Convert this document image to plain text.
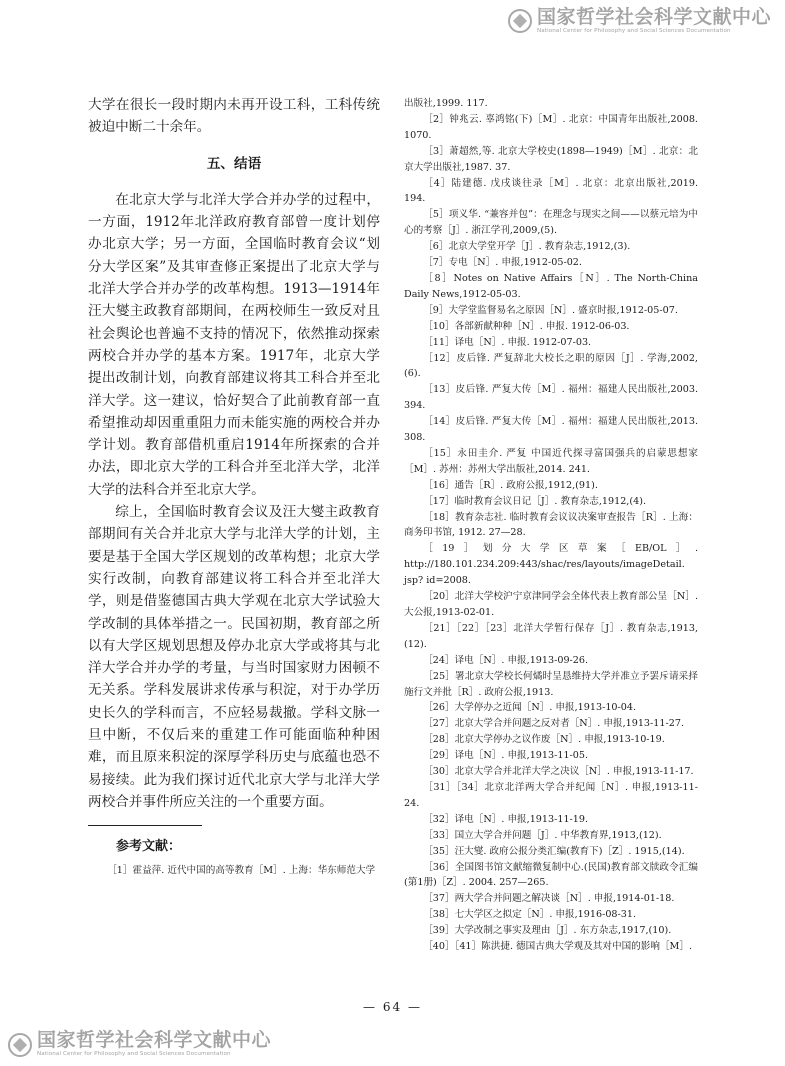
国家哲学社会科学文献中心
National Center for Philosophy and Social Sciences Documentation

大学在很长一段时期内未再开设工科，工科传统被迫中断二十余年。

五、结语

在北京大学与北洋大学合并办学的过程中，一方面，1912年北洋政府教育部曾一度计划停办北京大学；另一方面，全国临时教育会议“划分大学区案”及其审查修正案提出了北京大学与北洋大学合并办学的改革构想。1913—1914年汪大燮主政教育部期间，在两校师生一致反对且社会舆论也普遍不支持的情况下，依然推动探索两校合并办学的基本方案。1917年，北京大学提出改制计划，向教育部建议将其工科合并至北洋大学。这一建议，恰好契合了此前教育部一直希望推动却因重重阻力而未能实施的两校合并办学计划。教育部借机重启1914年所探索的合并办法，即北京大学的工科合并至北洋大学，北洋大学的法科合并至北京大学。

综上，全国临时教育会议及汪大燮主政教育部期间有关合并北京大学与北洋大学的计划，主要是基于全国大学区规划的改革构想；北京大学实行改制，向教育部建议将工科合并至北洋大学，则是借鉴德国古典大学观在北京大学试验大学改制的具体举措之一。民国初期，教育部之所以有大学区规划思想及停办北京大学或将其与北洋大学合并办学的考量，与当时国家财力困顿不无关系。学科发展讲求传承与积淀，对于办学历史长久的学科而言，不应轻易裁撤。学科文脉一旦中断，不仅后来的重建工作可能面临种种困难，而且原来积淀的深厚学科历史与底蕴也恐不易接续。此为我们探讨近代北京大学与北洋大学两校合并事件所应关注的一个重要方面。

参考文献：

［1］霍益萍. 近代中国的高等教育［M］. 上海：华东师范大学

出版社,1999. 117.

［2］钟兆云. 辜鸿铭(下)［M］. 北京：中国青年出版社,2008. 1070.

［3］萧超然,等. 北京大学校史(1898—1949)［M］. 北京：北京大学出版社,1987. 37.

［4］陆建德. 戊戌谈往录［M］. 北京：北京出版社,2019. 194.

［5］项义华. “兼容并包”：在理念与现实之间——以蔡元培为中心的考察［J］. 浙江学刊,2009,(5).

［6］北京大学堂开学［J］. 教育杂志,1912,(3).

［7］专电［N］. 申报,1912-05-02.

［8］Notes on Native Affairs［N］. The North-China Daily News,1912-05-03.

［9］大学堂监督易名之原因［N］. 盛京时报,1912-05-07.

［10］各部新献种种［N］. 申报. 1912-06-03.

［11］译电［N］. 申报. 1912-07-03.

［12］皮后锋. 严复辞北大校长之职的原因［J］. 学海,2002,(6).

［13］皮后锋. 严复大传［M］. 福州：福建人民出版社,2003. 394.

［14］皮后锋. 严复大传［M］. 福州：福建人民出版社,2013. 308.

［15］永田圭介. 严复 中国近代探寻富国强兵的启蒙思想家［M］. 苏州：苏州大学出版社,2014. 241.

［16］通告［R］. 政府公报,1912,(91).

［17］临时教育会议日记［J］. 教育杂志,1912,(4).

［18］教育杂志社. 临时教育会议议决案审查报告［R］. 上海：商务印书馆, 1912. 27—28.

［19］划分大学区草案［EB/OL］. http://180.101.234.209:443/shac/res/layouts/imageDetail. jsp? id=2008.

［20］北洋大学校沪宁京津同学会全体代表上教育部公呈［N］. 大公报,1913-02-01.

［21］［22］［23］北洋大学暂行保存［J］. 教育杂志,1913,(12).

［24］译电［N］. 申报,1913-09-26.

［25］署北京大学校长何燏时呈恳维持大学并准立予罢斥请采择施行文并批［R］. 政府公报,1913.

［26］大学停办之近闻［N］. 申报,1913-10-04.

［27］北京大学合并问题之反对者［N］. 申报,1913-11-27.

［28］北京大学停办之议作废［N］. 申报,1913-10-19.

［29］译电［N］. 申报,1913-11-05.

［30］北京大学合并北洋大学之决议［N］. 申报,1913-11-17.

［31］［34］北京北洋两大学合并纪闻［N］. 申报,1913-11-24.

［32］译电［N］. 申报,1913-11-19.

［33］国立大学合并问题［J］. 中华教育界,1913,(12).

［35］汪大燮. 政府公报分类汇编(教育下)［Z］. 1915,(14).

［36］全国图书馆文献缩微复制中心.(民国)教育部文牍政令汇编(第1册)［Z］. 2004. 257—265.

［37］两大学合并问题之解决谈［N］. 申报,1914-01-18.

［38］七大学区之拟定［N］. 申报,1916-08-31.

［39］大学改制之事实及理由［J］. 东方杂志,1917,(10).

［40］［41］陈洪捷. 德国古典大学观及其对中国的影响［M］.

— 64 —
国家哲学社会科学文献中心
National Center for Philosophy and Social Sciences Documentation
